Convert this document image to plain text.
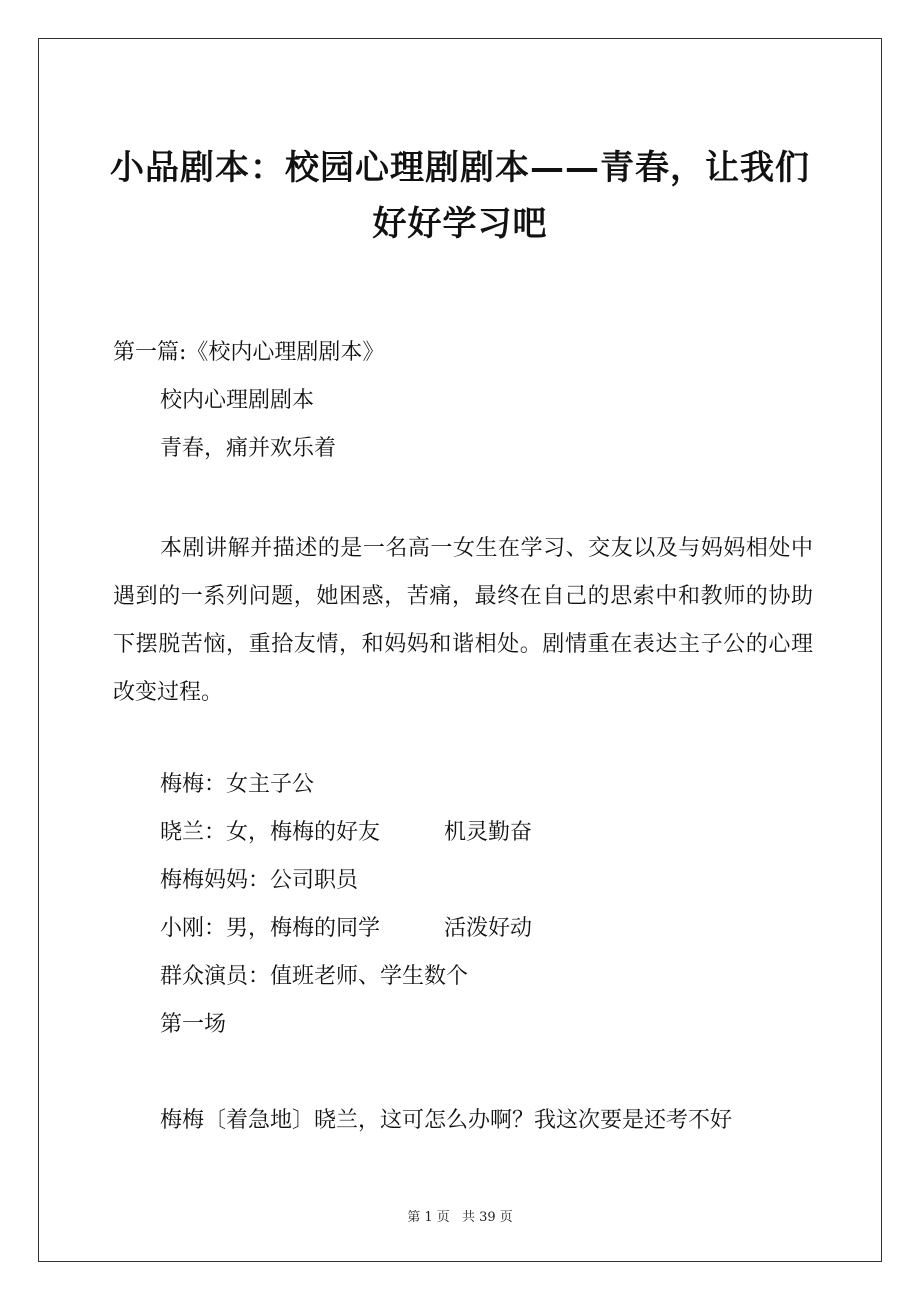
小品剧本：校园心理剧剧本——青春，让我们
好好学习吧
第一篇:《校内心理剧剧本》
校内心理剧剧本
青春，痛并欢乐着
本剧讲解并描述的是一名高一女生在学习、交友以及与妈妈相处中遇到的一系列问题，她困惑，苦痛，最终在自己的思索中和教师的协助下摆脱苦恼，重拾友情，和妈妈和谐相处。剧情重在表达主子公的心理改变过程。
梅梅：女主子公
晓兰：女，梅梅的好友	机灵勤奋
梅梅妈妈：公司职员
小刚：男，梅梅的同学	活泼好动
群众演员：值班老师、学生数个
第一场
梅梅〔着急地〕晓兰，这可怎么办啊？我这次要是还考不好
第 1 页 共 39 页
